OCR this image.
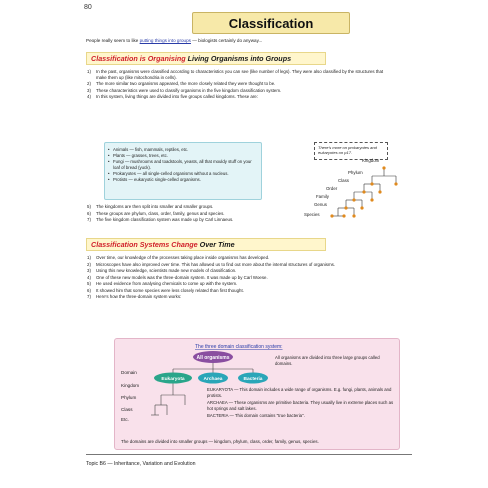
80
Classification
People really seem to like putting things into groups — biologists certainly do anyway...
Classification is Organising Living Organisms into Groups
1) In the past, organisms were classified according to characteristics you can see (like number of legs). They were also classified by the structures that make them up (like mitochondria in cells).
2) The more similar two organisms appeared, the more closely related they were thought to be.
3) These characteristics were used to classify organisms in the five kingdom classification system.
4) In this system, living things are divided into five groups called kingdoms. These are:
• Animals — fish, mammals, reptiles, etc.
• Plants — grasses, trees, etc.
• Fungi — mushrooms and toadstools, yeasts, all that mouldy stuff on your loaf of bread (yuck).
• Prokaryotes — all single-celled organisms without a nucleus.
• Protists — eukaryotic single-celled organisms.
There's more on prokaryotes and eukaryotes on p17.
Kingdom
Phylum
Class
Order
Family
Genus
Species
5) The kingdoms are then split into smaller and smaller groups.
6) These groups are phylum, class, order, family, genus and species.
7) The five kingdom classification system was made up by Carl Linnaeus.
Classification Systems Change Over Time
1) Over time, our knowledge of the processes taking place inside organisms has developed.
2) Microscopes have also improved over time. This has allowed us to find out more about the internal structures of organisms.
3) Using this new knowledge, scientists made new models of classification.
4) One of these new models was the three-domain system. It was made up by Carl Woese.
5) He used evidence from analysing chemicals to come up with the system.
6) It showed him that some species were less closely related than first thought.
7) Here's how the three-domain system works:
The three domain classification system:
All organisms
Eukaryota	Archaea	Bacteria
Domain
Kingdom
Phylum
Class
Etc.
The domains are divided into smaller groups — kingdom, phylum, class, order, family, genus, species.
All organisms are divided into three large groups called domains.
EUKARYOTA — This domain includes a wide range of organisms. E.g. fungi, plants, animals and protists.
ARCHAEA — These organisms are primitive bacteria. They usually live in extreme places such as hot springs and salt lakes.
BACTERIA — This domain contains "true bacteria".
Topic B6 — Inheritance, Variation and Evolution
